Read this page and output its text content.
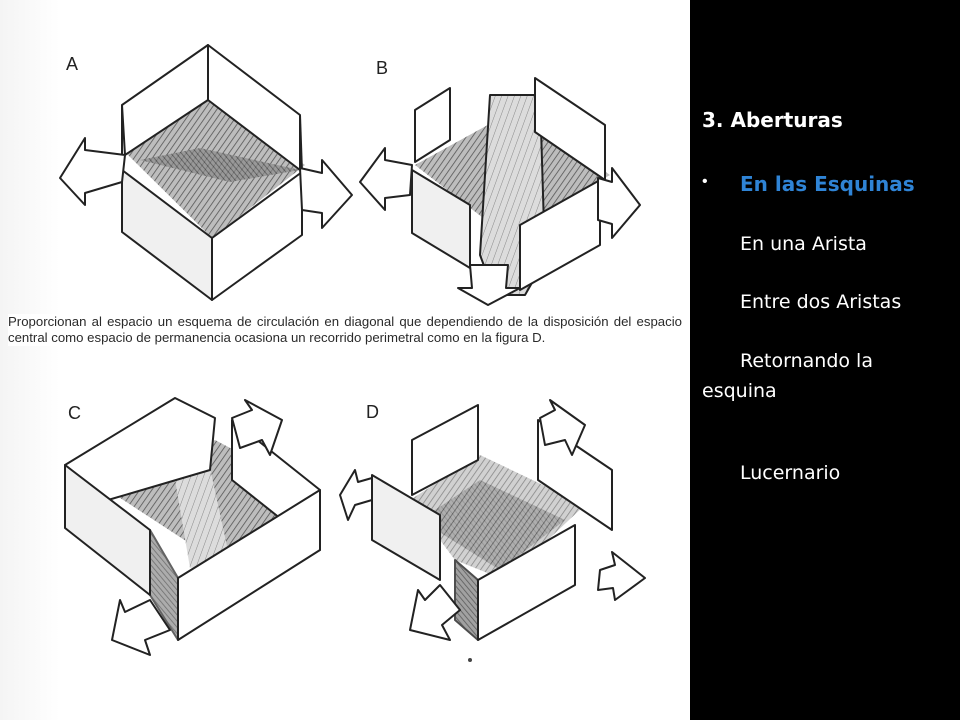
A	B
C	D
Proporcionan al espacio un esquema de circulación en diagonal que dependiendo de la disposición del espacio central como espacio de permanencia ocasiona un recorrido perimetral como en la figura D.
3. Aberturas
• En las Esquinas
En una Arista
Entre dos Aristas
Retornando la esquina
Lucernario
